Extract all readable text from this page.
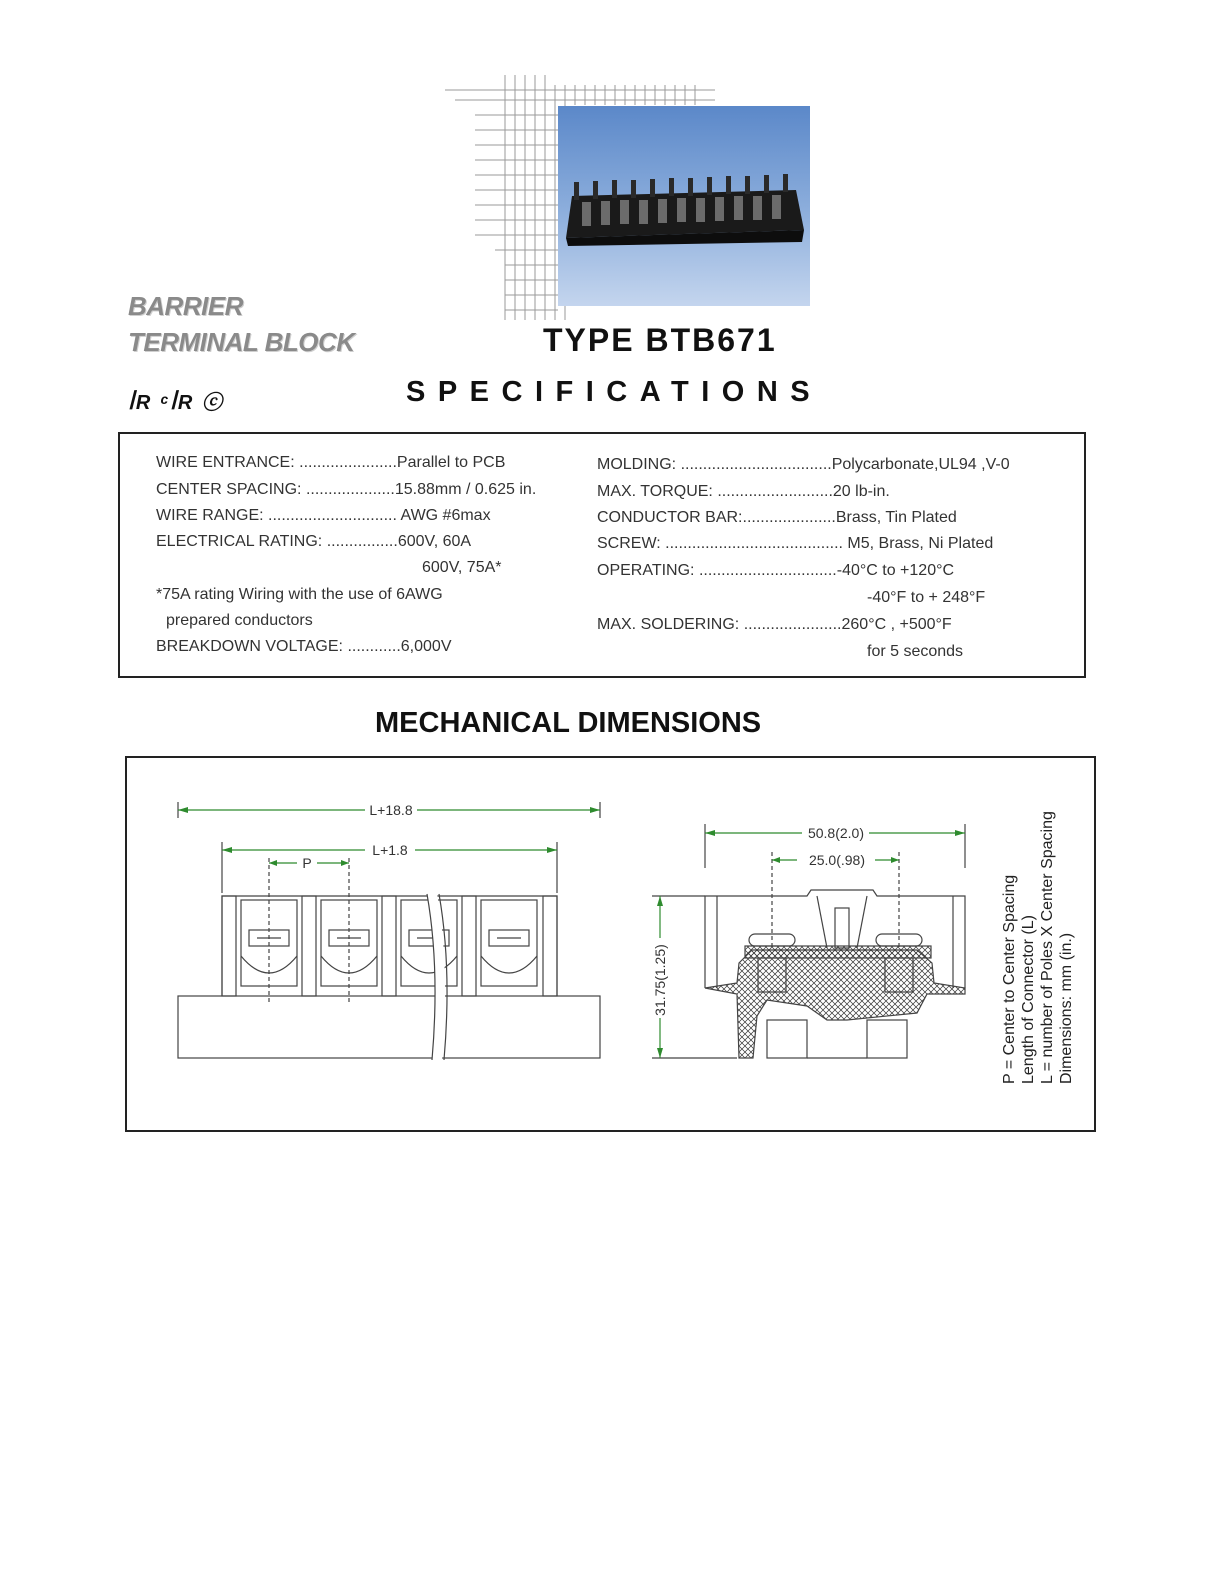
BARRIER
TERMINAL BLOCK	TYPE BTB671
ꟾR ᶜꟾR ⓒ	SPECIFICATIONS
WIRE ENTRANCE: ......................Parallel to PCB
CENTER SPACING: ....................15.88mm / 0.625 in.
WIRE RANGE: ............................. AWG #6max
ELECTRICAL RATING: ................600V, 60A
600V, 75A*
*75A rating Wiring with the use of 6AWG
prepared conductors
BREAKDOWN VOLTAGE: ............6,000V
MOLDING: ..................................Polycarbonate,UL94 ,V-0
MAX. TORQUE: ..........................20 lb-in.
CONDUCTOR BAR:.....................Brass, Tin Plated
SCREW: ........................................ M5, Brass, Ni Plated
OPERATING: ...............................-40°C to +120°C
-40°F to + 248°F
MAX. SOLDERING: ......................260°C , +500°F
for 5 seconds
MECHANICAL DIMENSIONS
L+18.8
L+1.8
P
50.8(2.0)
25.0(.98)
31.75(1.25)	P = Center to Center Spacing Length of Connector (L) L = number of Poles X Center Spacing Dimensions: mm (in.)
